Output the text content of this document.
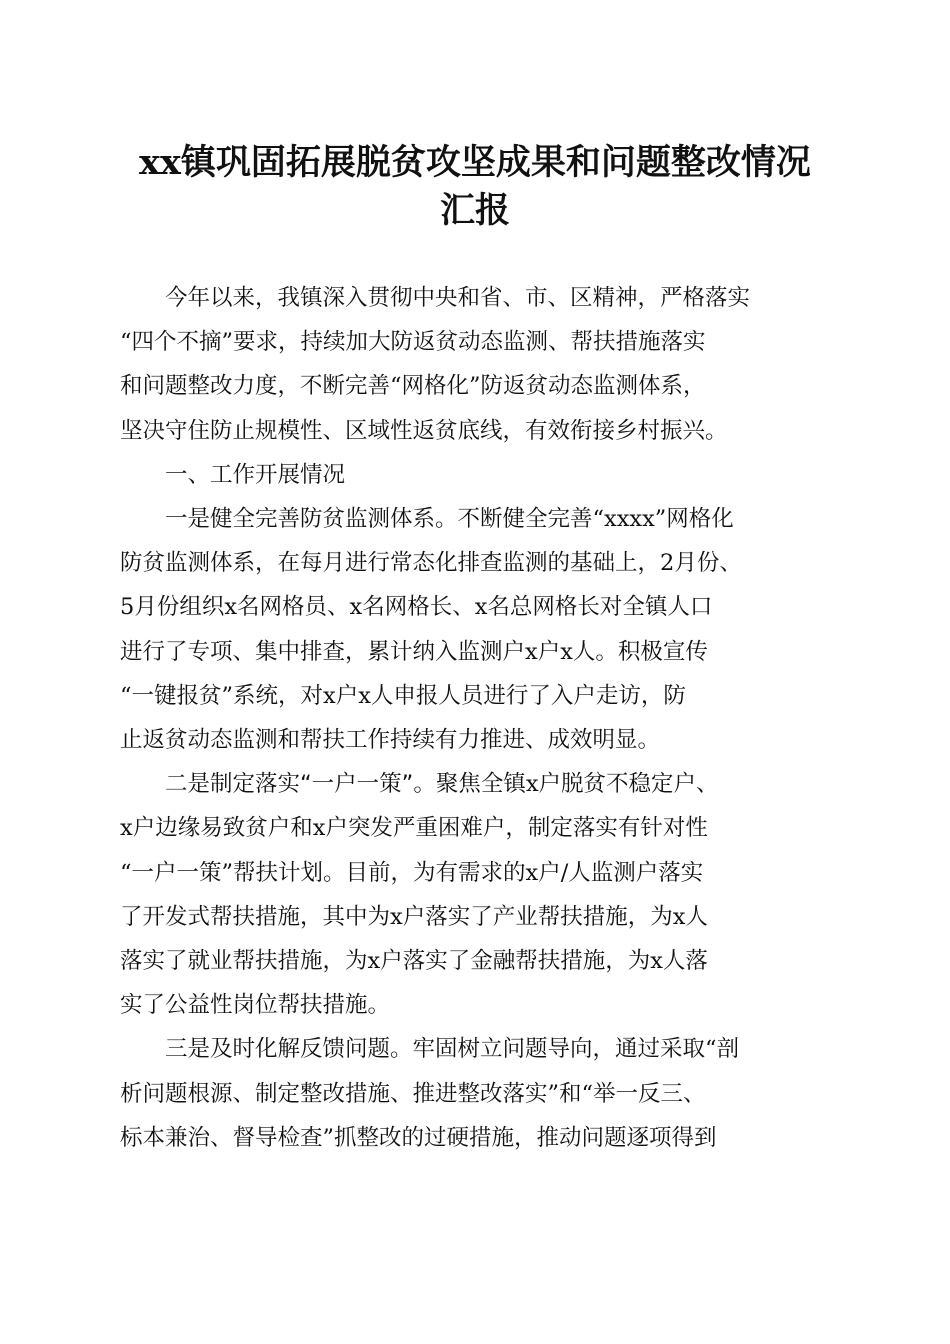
xx镇巩固拓展脱贫攻坚成果和问题整改情况
汇报
今年以来，我镇深入贯彻中央和省、市、区精神，严格落实
“四个不摘”要求，持续加大防返贫动态监测、帮扶措施落实
和问题整改力度，不断完善“网格化”防返贫动态监测体系，
坚决守住防止规模性、区域性返贫底线，有效衔接乡村振兴。
一、工作开展情况
一是健全完善防贫监测体系。不断健全完善“xxxx”网格化
防贫监测体系，在每月进行常态化排查监测的基础上，2月份、
5月份组织x名网格员、x名网格长、x名总网格长对全镇人口
进行了专项、集中排查，累计纳入监测户x户x人。积极宣传
“一键报贫”系统，对x户x人申报人员进行了入户走访，防
止返贫动态监测和帮扶工作持续有力推进、成效明显。
二是制定落实“一户一策”。聚焦全镇x户脱贫不稳定户、
x户边缘易致贫户和x户突发严重困难户，制定落实有针对性
“一户一策”帮扶计划。目前，为有需求的x户/人监测户落实
了开发式帮扶措施，其中为x户落实了产业帮扶措施，为x人
落实了就业帮扶措施，为x户落实了金融帮扶措施，为x人落
实了公益性岗位帮扶措施。
三是及时化解反馈问题。牢固树立问题导向，通过采取“剖
析问题根源、制定整改措施、推进整改落实”和“举一反三、
标本兼治、督导检查”抓整改的过硬措施，推动问题逐项得到
